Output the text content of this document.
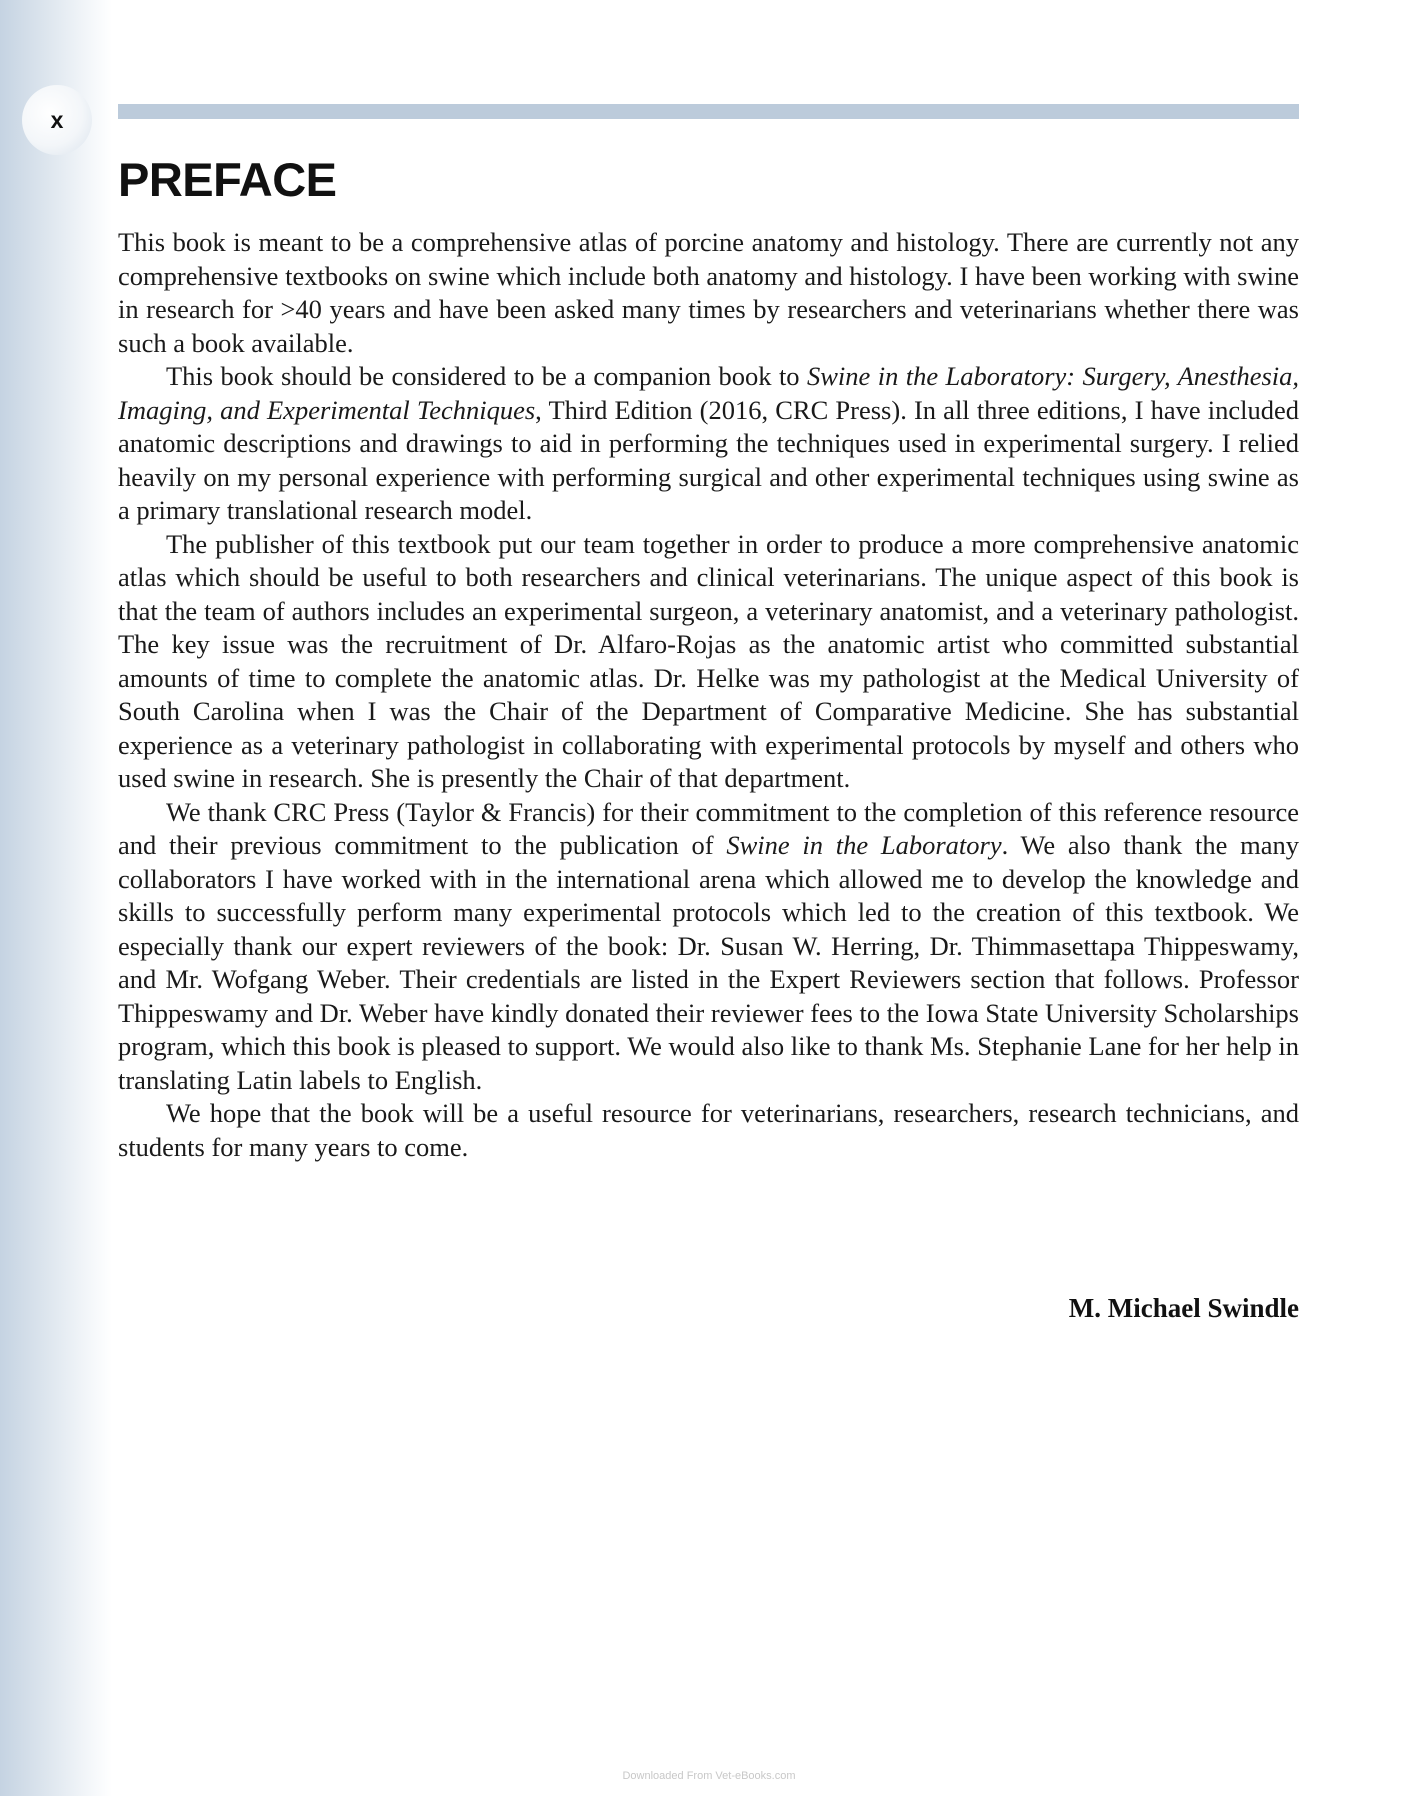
x
PREFACE

This book is meant to be a comprehensive atlas of porcine anatomy and histology. There are currently not any comprehensive textbooks on swine which include both anatomy and histology. I have been working with swine in research for >40 years and have been asked many times by researchers and veterinarians whether there was such a book available.

This book should be considered to be a companion book to Swine in the Laboratory: Surgery, Anesthesia, Imaging, and Experimental Techniques, Third Edition (2016, CRC Press). In all three editions, I have included anatomic descriptions and drawings to aid in performing the techniques used in experimental surgery. I relied heavily on my personal experience with performing surgical and other experimental techniques using swine as a primary translational research model.

The publisher of this textbook put our team together in order to produce a more comprehensive anatomic atlas which should be useful to both researchers and clinical veterinarians. The unique aspect of this book is that the team of authors includes an experimental surgeon, a veterinary anatomist, and a veterinary pathologist. The key issue was the recruitment of Dr. Alfaro-Rojas as the anatomic artist who committed substantial amounts of time to complete the anatomic atlas. Dr. Helke was my pathologist at the Medical University of South Carolina when I was the Chair of the Department of Comparative Medicine. She has substantial experience as a veterinary pathologist in collaborating with experimental protocols by myself and others who used swine in research. She is presently the Chair of that department.

We thank CRC Press (Taylor & Francis) for their commitment to the completion of this reference resource and their previous commitment to the publication of Swine in the Laboratory. We also thank the many collaborators I have worked with in the international arena which allowed me to develop the knowledge and skills to successfully perform many experimental protocols which led to the creation of this textbook. We especially thank our expert reviewers of the book: Dr. Susan W. Herring, Dr. Thimmasettapa Thippeswamy, and Mr. Wofgang Weber. Their credentials are listed in the Expert Reviewers section that follows. Professor Thippeswamy and Dr. Weber have kindly donated their reviewer fees to the Iowa State University Scholarships program, which this book is pleased to support. We would also like to thank Ms. Stephanie Lane for her help in translating Latin labels to English.

We hope that the book will be a useful resource for veterinarians, researchers, research technicians, and students for many years to come.

M. Michael Swindle
Downloaded From Vet-eBooks.com
